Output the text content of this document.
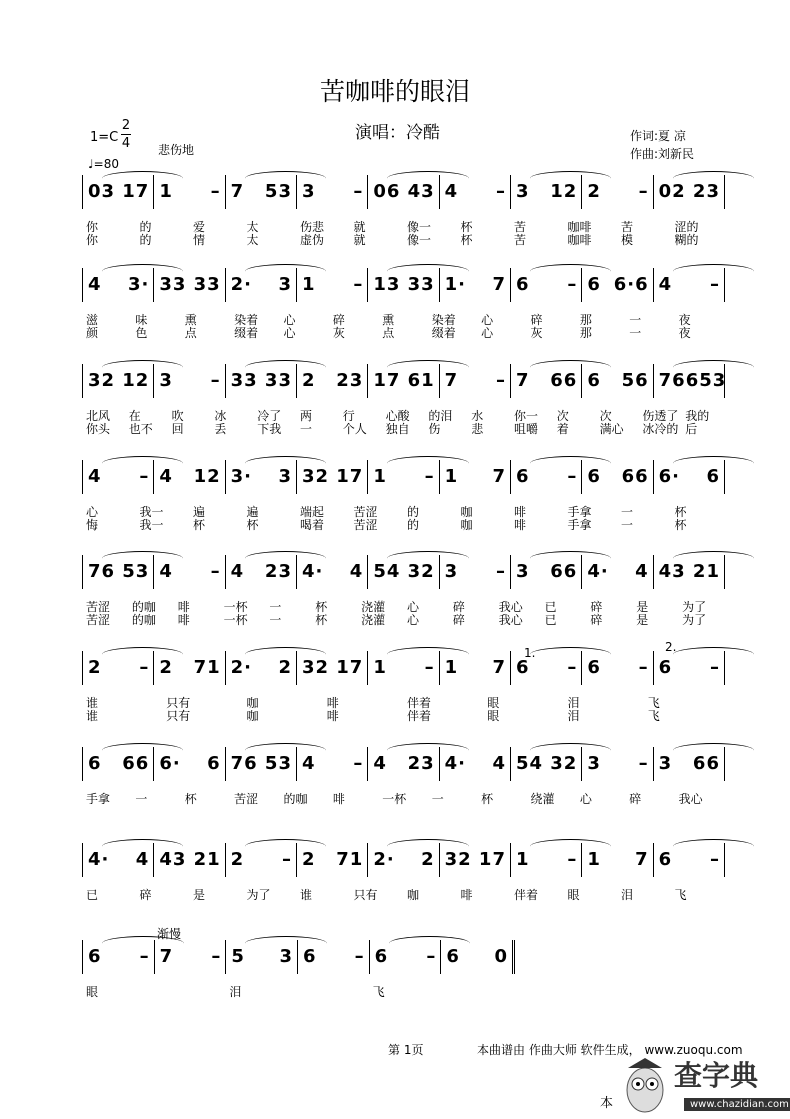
苦咖啡的眼泪
演唱：冷酷	作词:夏 凉
作曲:刘新民
1=C
2
4 悲伤地
♩=80
03 17 1 – 7 53 3 – 06 43 4 – 3 12 2 – 02 23
你	的	爱	太	伤悲 就	像一 杯	苦	咖啡 苦	涩的
你	的	情	太	虚伪 就	像一 杯	苦	咖啡 模	糊的
4 3· 33 33 2· 3 1 – 13 33 1· 7 6 – 6 6·6 4 –
滋	味	熏	染着 心	碎	熏	染着 心	碎	那	一	夜
颜	色	点	缀着 心	灰	点	缀着 心	灰	那	一	夜
32 12 3 – 33 33 2 23 17 61 7 – 7 66 6 56 766 53
北风 在	吹	冰	冷了 两	行	心酸 的泪 水	你一 次	次	伤透了 我的
你头 也不 回	丢	下我 一	个人 独自 伤	悲	咀嚼 着	满心 冰冷的 后
4 – 4 12 3· 3 32 17 1 – 1 7 6 – 6 66 6· 6
心	我一 遍	遍	端起 苦涩 的	咖	啡	手拿 一	杯
悔	我一 杯	杯	喝着 苦涩 的	咖	啡	手拿 一	杯
76 53 4 – 4 23 4· 4 54 32 3 – 3 66 4· 4 43 21
苦涩 的咖 啡	一杯 一	杯	浇灌 心	碎	我心 已	碎	是	为了
苦涩 的咖 啡	一杯 一	杯	浇灌 心	碎	我心 已	碎	是	为了
2 – 2 71 2· 2 32 17 1 – 1 7 6 – 6 – 6 –
谁	只有	咖	啡	伴着	眼	泪	飞
谁	只有	咖	啡	伴着	眼	泪	飞
6 66 6· 6 76 53 4 – 4 23 4· 4 54 32 3 – 3 66
手拿 一	杯	苦涩 的咖 啡	一杯 一	杯	绕灌 心	碎	我心
4· 4 43 21 2 – 2 71 2· 2 32 17 1 – 1 7 6 –
已	碎	是	为了 谁	只有 咖	啡	伴着 眼	泪	飞
6 – 7 – 5 3 6 – 6 – 6 0
眼	泪	飞
第 1页	本曲谱由 作曲大师 软件生成， www.zuoqu.com
本
查字典
www.chazidian.com
1.	2.
渐慢
